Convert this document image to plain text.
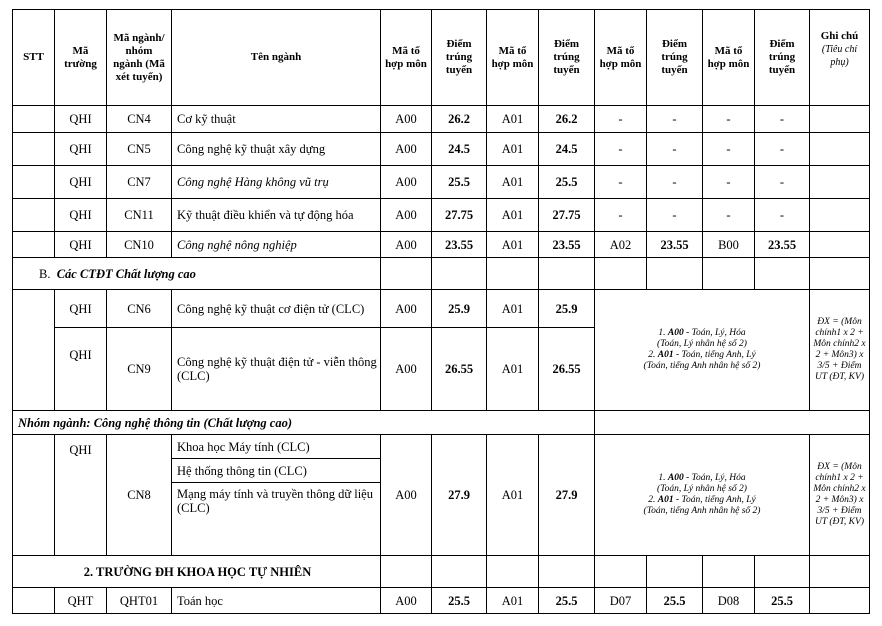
STT	Mã trường	Mã ngành/ nhóm ngành (Mã xét tuyển)	Tên ngành	Mã tổ hợp môn	Điểm trúng tuyển	Mã tổ hợp môn	Điểm trúng tuyển	Mã tổ hợp môn	Điểm trúng tuyển	Mã tổ hợp môn	Điểm trúng tuyển	Ghi chú
(Tiêu chí phụ)

	QHI	CN4	Cơ kỹ thuật	A00	26.2	A01	26.2	-	-	-	-	
	QHI	CN5	Công nghệ kỹ thuật xây dựng	A00	24.5	A01	24.5	-	-	-	-	
	QHI	CN7	Công nghệ Hàng không vũ trụ	A00	25.5	A01	25.5	-	-	-	-	
	QHI	CN11	Kỹ thuật điều khiển và tự động hóa	A00	27.75	A01	27.75	-	-	-	-	
	QHI	CN10	Công nghệ nông nghiệp	A00	23.55	A01	23.55	A02	23.55	B00	23.55	
B. Các CTĐT Chất lượng cao												
	QHI	CN6	Công nghệ kỹ thuật cơ điện tử (CLC)	A00	25.9	A01	25.9	1. A00 - Toán, Lý, Hóa
(Toán, Lý nhân hệ số 2)
2. A01 - Toán, tiếng Anh, Lý
(Toán, tiếng Anh nhân hệ số 2)				ĐX = (Môn chính1 x 2 + Môn chính2 x 2 + Môn3) x 3/5 + Điểm UT (ĐT, KV)
	QHI	CN9	Công nghệ kỹ thuật điện tử - viễn thông (CLC)	A00	26.55	A01	26.55					
Nhóm ngành: Công nghệ thông tin (Chất lượng cao)												
	QHI	CN8	Khoa học Máy tính (CLC)	A00	27.9	A01	27.9	1. A00 - Toán, Lý, Hóa
(Toán, Lý nhân hệ số 2)
2. A01 - Toán, tiếng Anh, Lý
(Toán, tiếng Anh nhân hệ số 2)				ĐX = (Môn chính1 x 2 + Môn chính2 x 2 + Môn3) x 3/5 + Điểm UT (ĐT, KV)
			Hệ thống thông tin (CLC)									
			Mạng máy tính và truyền thông dữ liệu (CLC)									
2. TRƯỜNG ĐH KHOA HỌC TỰ NHIÊN												
	QHT	QHT01	Toán học	A00	25.5	A01	25.5	D07	25.5	D08	25.5	
